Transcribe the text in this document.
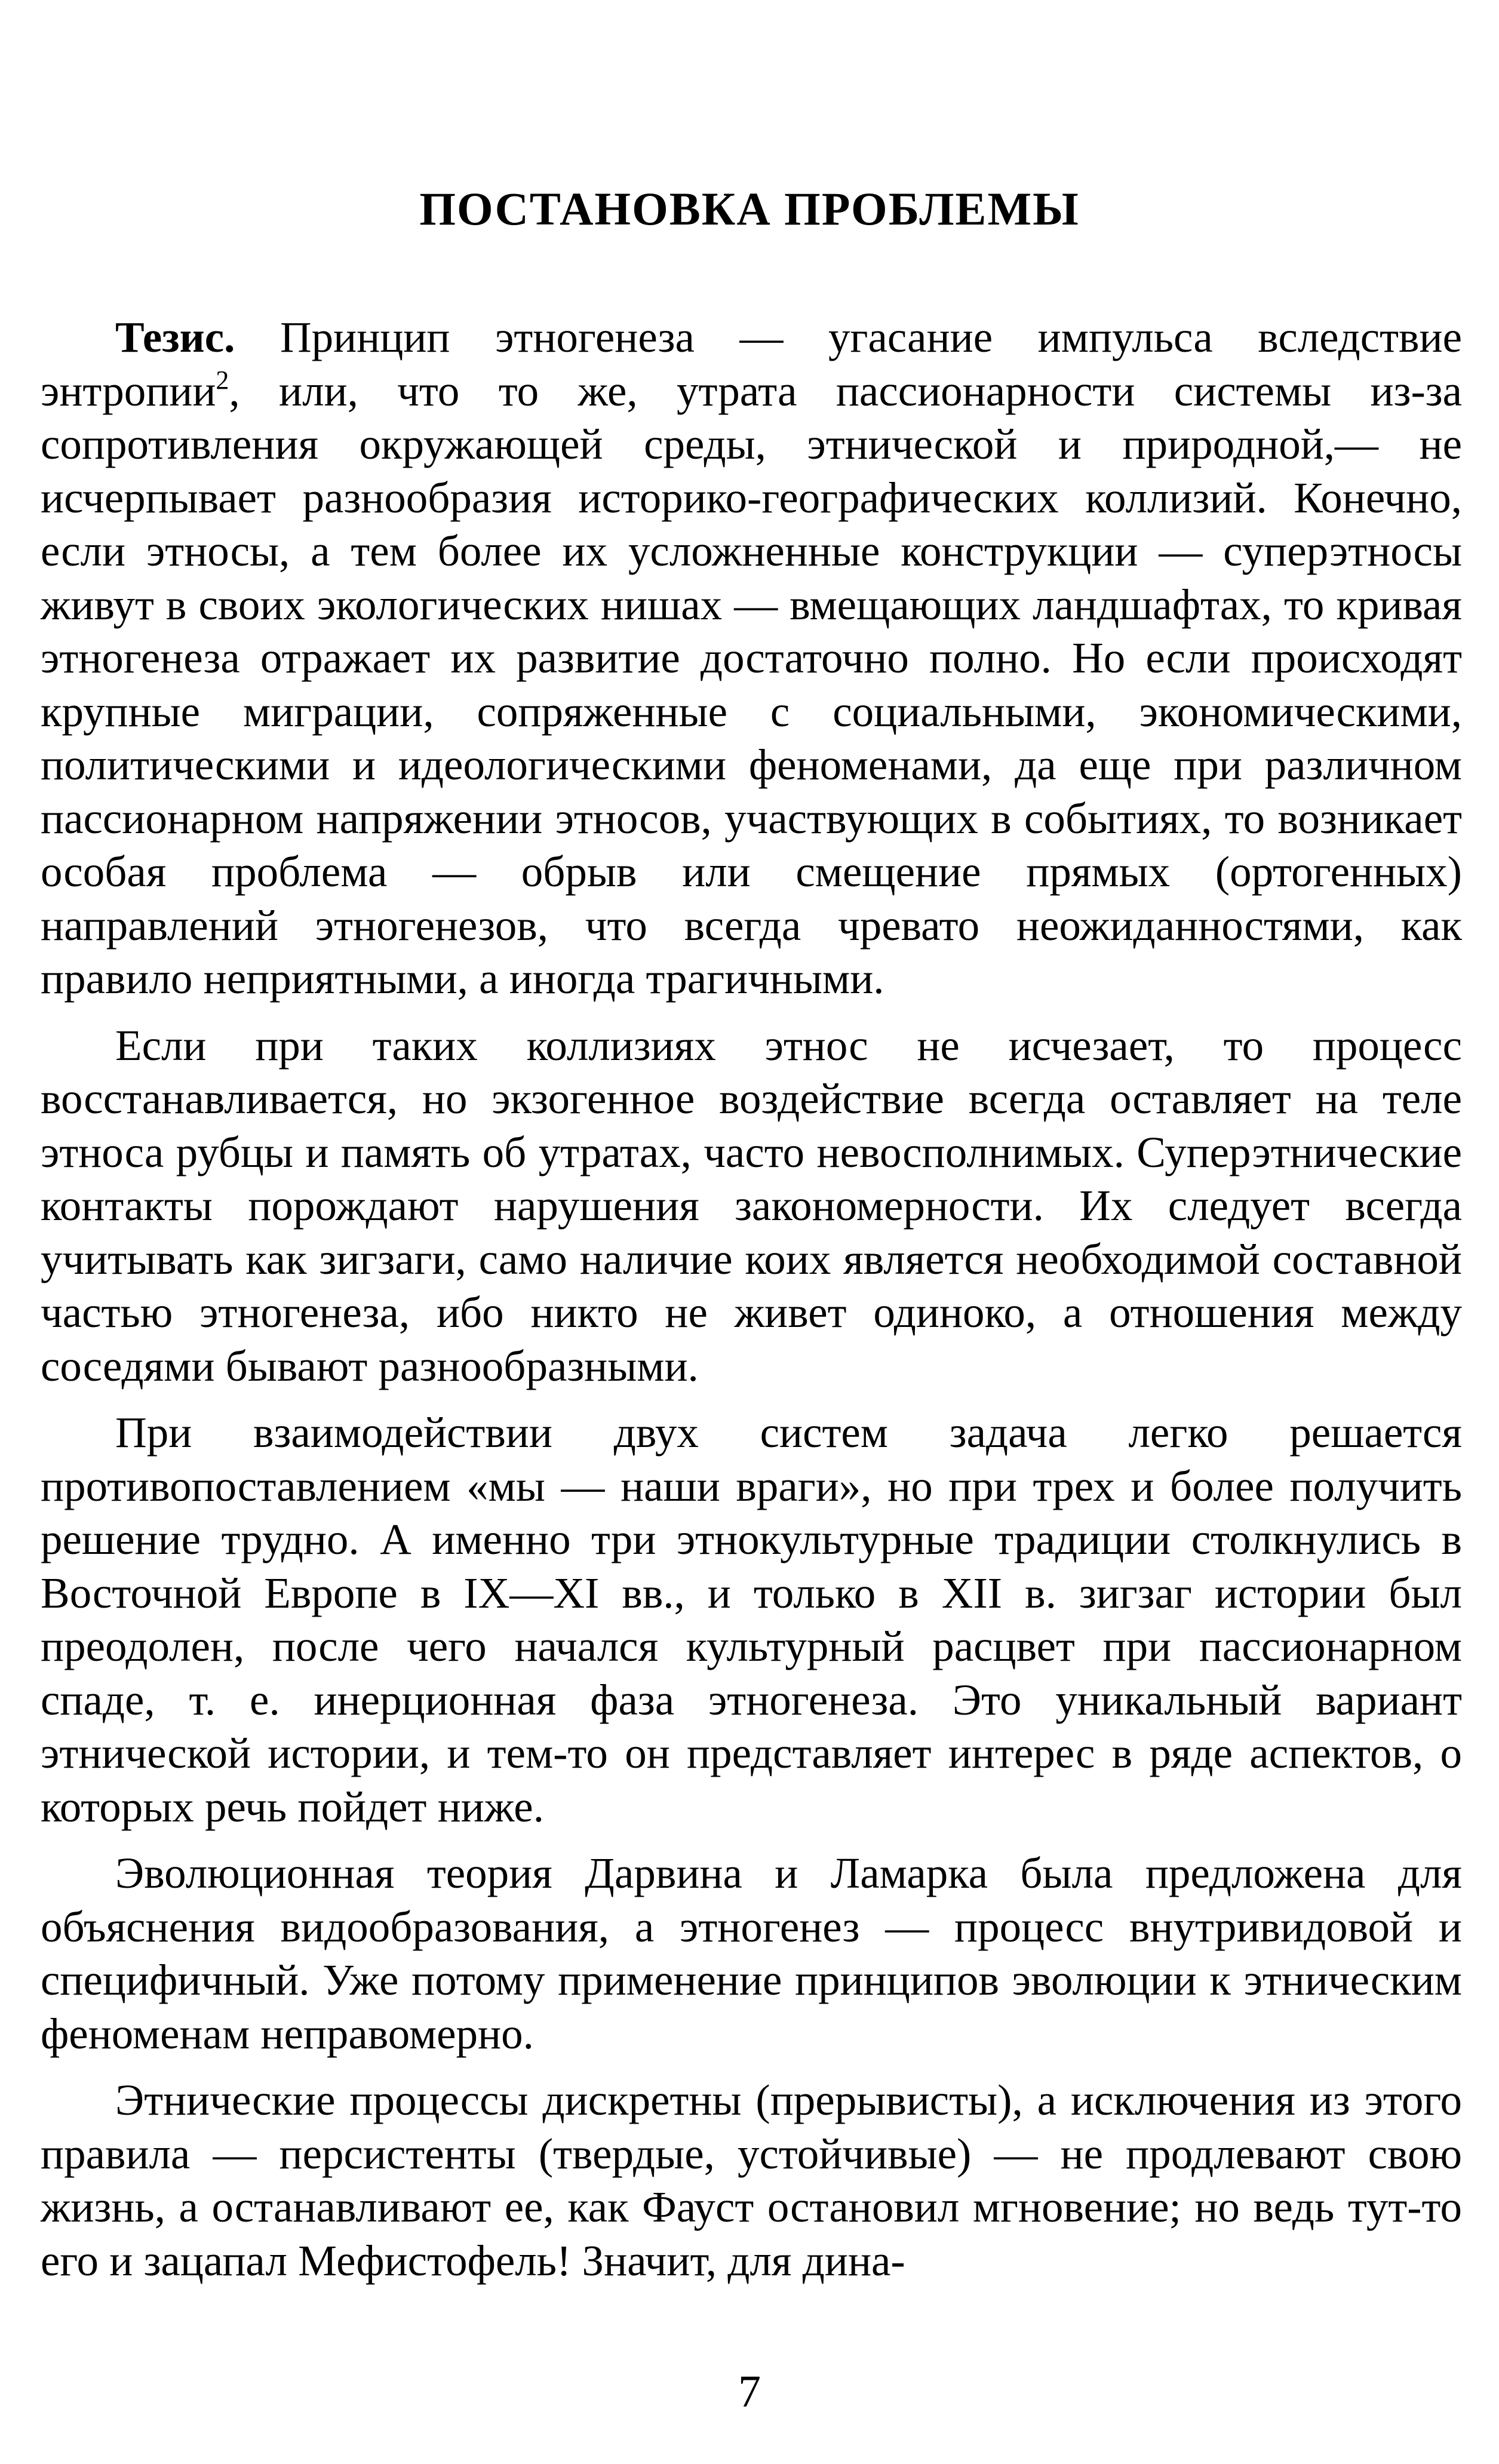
ПОСТАНОВКА ПРОБЛЕМЫ

Тезис. Принцип этногенеза — угасание импульса вследствие энтропии$^2$, или, что то же, утрата пассионарности системы из-за сопротивления окружающей среды, этнической и природной,— не исчерпывает разнообразия историко-географических коллизий. Конечно, если этносы, а тем более их усложненные конструкции — суперэтносы живут в своих экологических нишах — вмещающих ландшафтах, то кривая этногенеза отражает их развитие достаточно полно. Но если происходят крупные миграции, сопряженные с социальными, экономическими, политическими и идеологическими феноменами, да еще при различном пассионарном напряжении этносов, участвующих в событиях, то возникает особая проблема — обрыв или смещение прямых (ортогенных) направлений этногенезов, что всегда чревато неожиданностями, как правило неприятными, а иногда трагичными.

Если при таких коллизиях этнос не исчезает, то процесс восстанавливается, но экзогенное воздействие всегда оставляет на теле этноса рубцы и память об утратах, часто невосполнимых. Суперэтнические контакты порождают нарушения закономерности. Их следует всегда учитывать как зигзаги, само наличие коих является необходимой составной частью этногенеза, ибо никто не живет одиноко, а отношения между соседями бывают разнообразными.

При взаимодействии двух систем задача легко решается противопоставлением «мы — наши враги», но при трех и более получить решение трудно. А именно три этнокультурные традиции столкнулись в Восточной Европе в IX—XI вв., и только в XII в. зигзаг истории был преодолен, после чего начался культурный расцвет при пассионарном спаде, т. е. инерционная фаза этногенеза. Это уникальный вариант этнической истории, и тем-то он представляет интерес в ряде аспектов, о которых речь пойдет ниже.

Эволюционная теория Дарвина и Ламарка была предложена для объяснения видообразования, а этногенез — процесс внутривидовой и специфичный. Уже потому применение принципов эволюции к этническим феноменам неправомерно.

Этнические процессы дискретны (прерывисты), а исключения из этого правила — персистенты (твердые, устойчивые) — не продлевают свою жизнь, а останавливают ее, как Фауст остановил мгновение; но ведь тут-то его и зацапал Мефистофель! Значит, для дина-

7
